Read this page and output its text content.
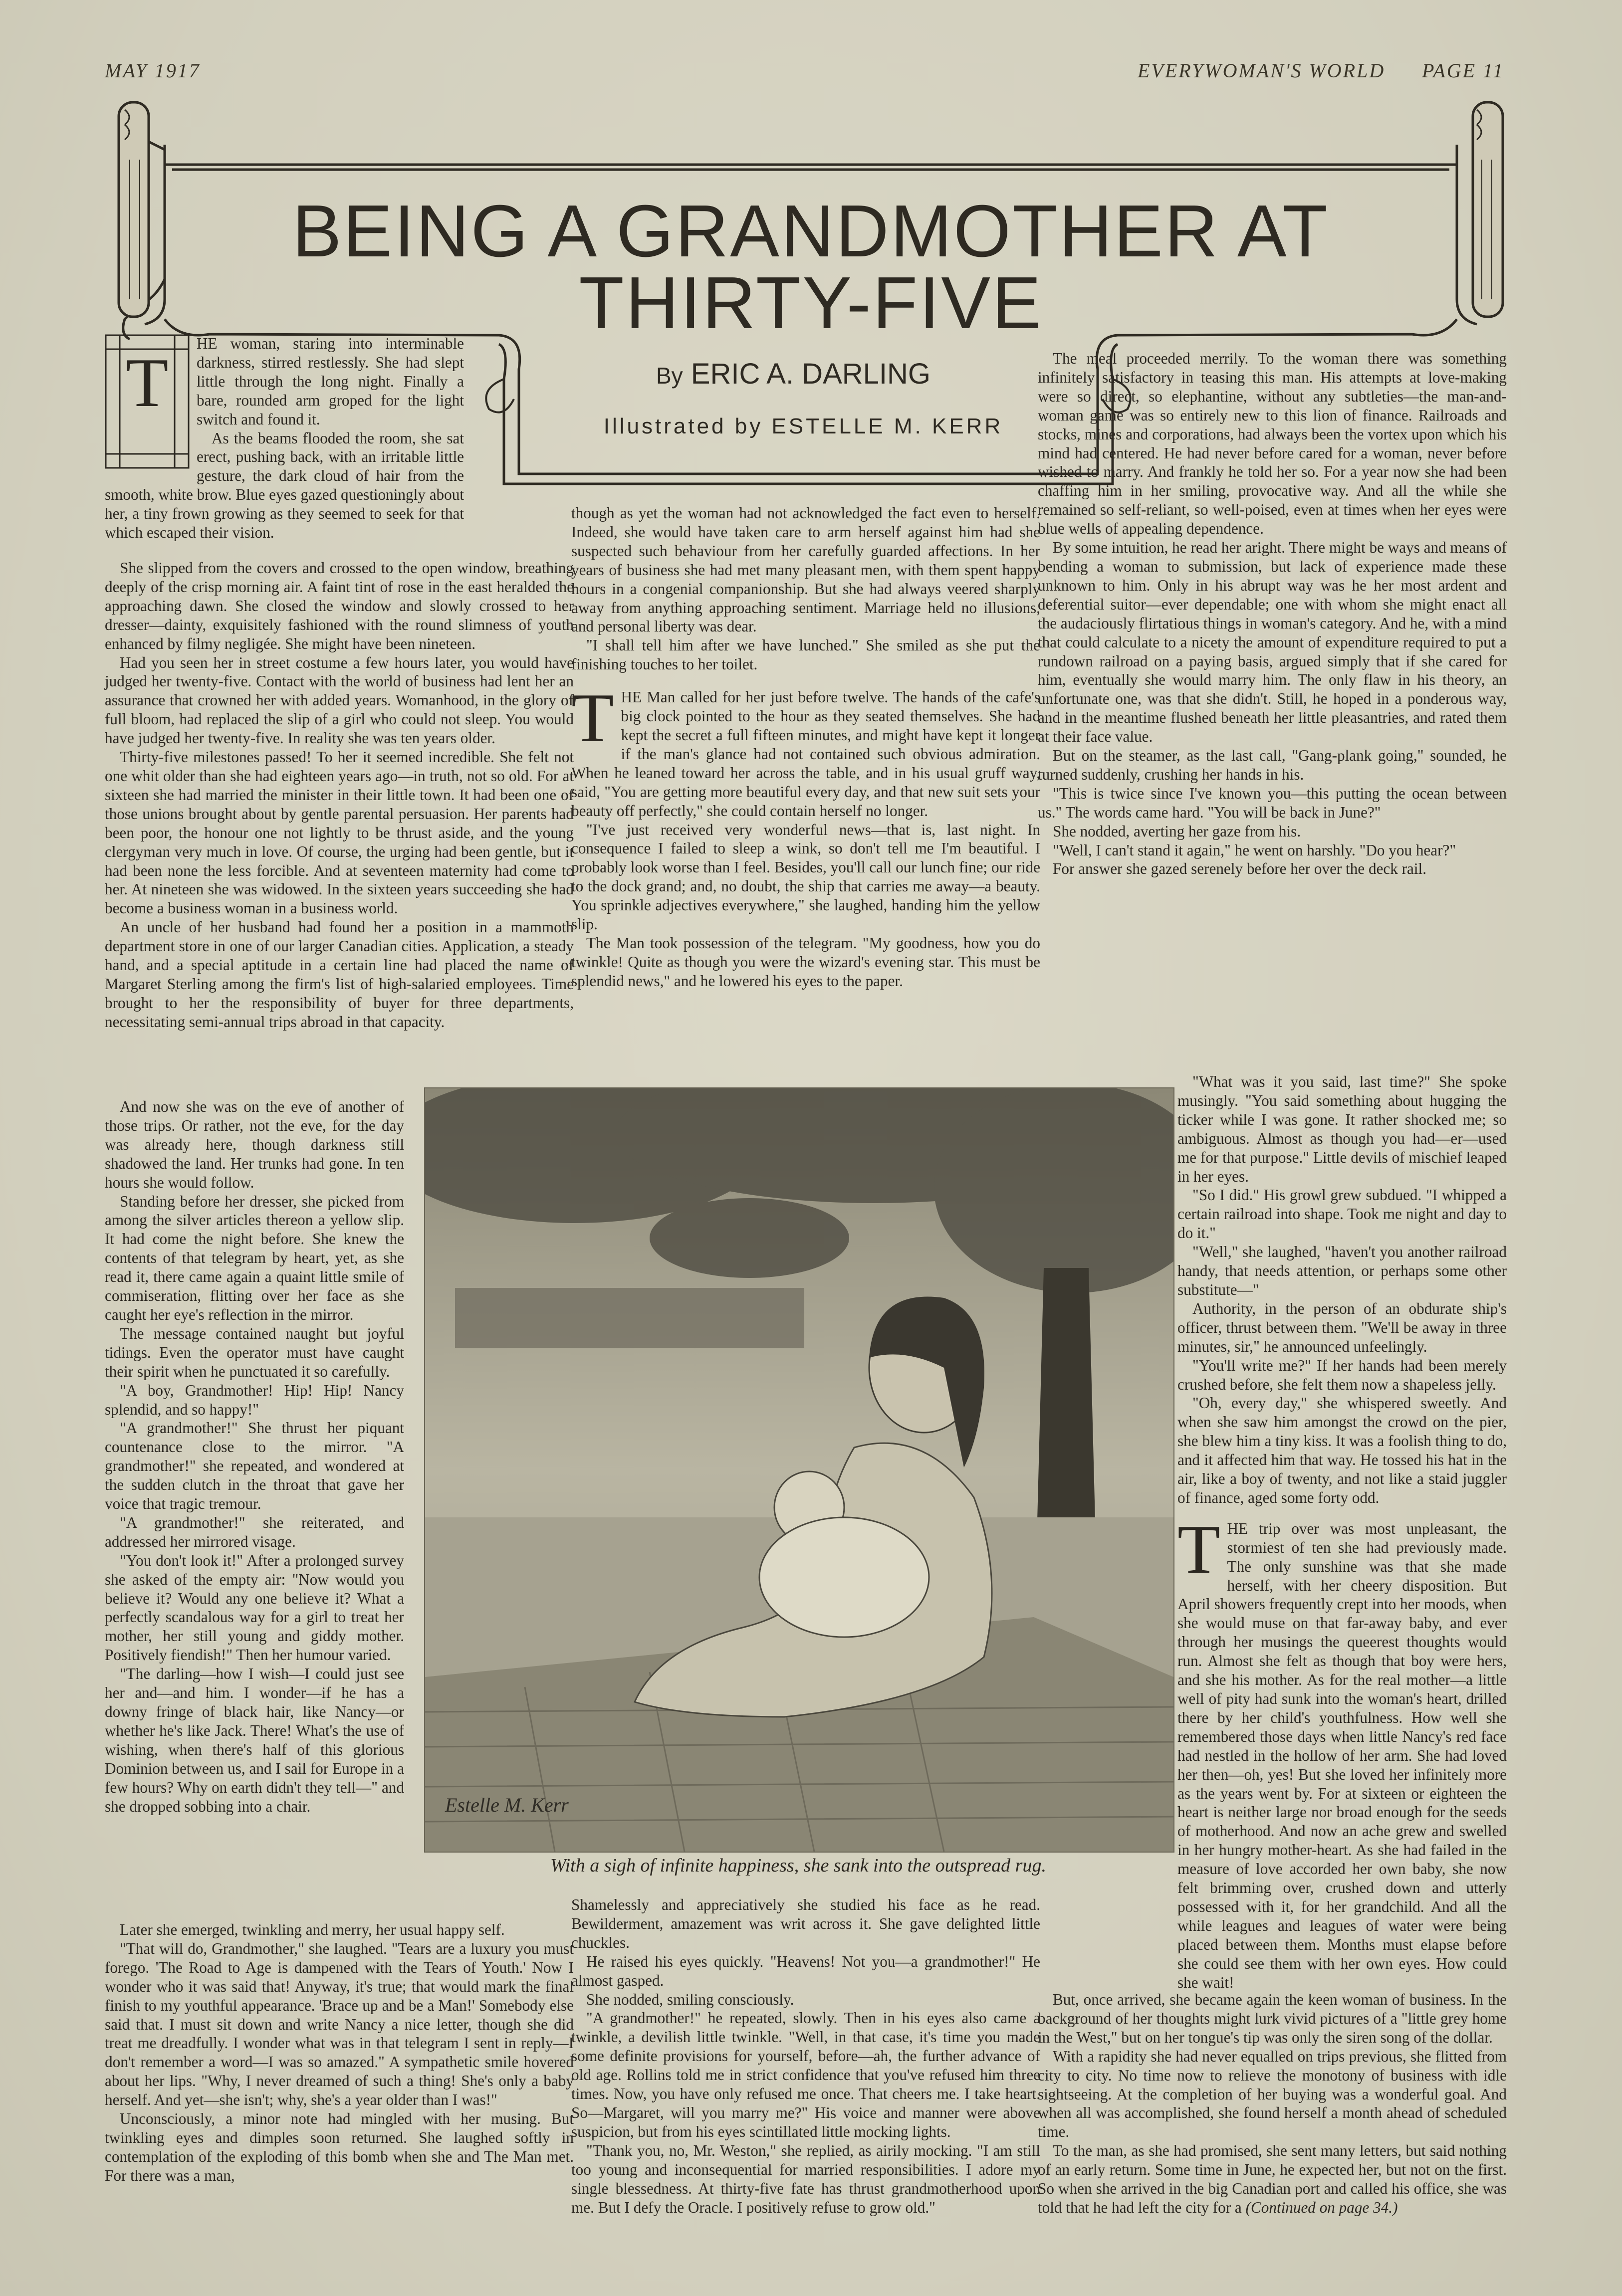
MAY 1917	EVERYWOMAN'S WORLD PAGE 11
BEING A GRANDMOTHER AT
THIRTY-FIVE
By ERIC A. DARLING
Illustrated by ESTELLE M. KERR
T

HE woman, staring into interminable darkness, stirred restlessly. She had slept little through the long night. Finally a bare, rounded arm groped for the light switch and found it.

As the beams flooded the room, she sat erect, pushing back, with an irritable little gesture, the dark cloud of hair from the smooth, white brow. Blue eyes gazed questioningly about her, a tiny frown growing as they seemed to seek for that which escaped their vision.

She slipped from the covers and crossed to the open window, breathing deeply of the crisp morning air. A faint tint of rose in the east heralded the approaching dawn. She closed the window and slowly crossed to her dresser—dainty, exquisitely fashioned with the round slimness of youth enhanced by filmy negligée. She might have been nineteen.

Had you seen her in street costume a few hours later, you would have judged her twenty-five. Contact with the world of business had lent her an assurance that crowned her with added years. Womanhood, in the glory of full bloom, had replaced the slip of a girl who could not sleep. You would have judged her twenty-five. In reality she was ten years older.

Thirty-five milestones passed! To her it seemed incredible. She felt not one whit older than she had eighteen years ago—in truth, not so old. For at sixteen she had married the minister in their little town. It had been one of those unions brought about by gentle parental persuasion. Her parents had been poor, the honour one not lightly to be thrust aside, and the young clergyman very much in love. Of course, the urging had been gentle, but it had been none the less forcible. And at seventeen maternity had come to her. At nineteen she was widowed. In the sixteen years succeeding she had become a business woman in a business world.

An uncle of her husband had found her a position in a mammoth department store in one of our larger Canadian cities. Application, a steady hand, and a special aptitude in a certain line had placed the name of Margaret Sterling among the firm's list of high-salaried employees. Time brought to her the responsibility of buyer for three departments, necessitating semi-annual trips abroad in that capacity.

And now she was on the eve of another of those trips. Or rather, not the eve, for the day was already here, though darkness still shadowed the land. Her trunks had gone. In ten hours she would follow.

Standing before her dresser, she picked from among the silver articles thereon a yellow slip. It had come the night before. She knew the contents of that telegram by heart, yet, as she read it, there came again a quaint little smile of commiseration, flitting over her face as she caught her eye's reflection in the mirror.

The message contained naught but joyful tidings. Even the operator must have caught their spirit when he punctuated it so carefully.

"A boy, Grandmother! Hip! Hip! Nancy splendid, and so happy!"

"A grandmother!" She thrust her piquant countenance close to the mirror. "A grandmother!" she repeated, and wondered at the sudden clutch in the throat that gave her voice that tragic tremour.

"A grandmother!" she reiterated, and addressed her mirrored visage.

"You don't look it!" After a prolonged survey she asked of the empty air: "Now would you believe it? Would any one believe it? What a perfectly scandalous way for a girl to treat her mother, her still young and giddy mother. Positively fiendish!" Then her humour varied.

"The darling—how I wish—I could just see her and—and him. I wonder—if he has a downy fringe of black hair, like Nancy—or whether he's like Jack. There! What's the use of wishing, when there's half of this glorious Dominion between us, and I sail for Europe in a few hours? Why on earth didn't they tell—" and she dropped sobbing into a chair.

Later she emerged, twinkling and merry, her usual happy self.

"That will do, Grandmother," she laughed. "Tears are a luxury you must forego. 'The Road to Age is dampened with the Tears of Youth.' Now I wonder who it was said that! Anyway, it's true; that would mark the final finish to my youthful appearance. 'Brace up and be a Man!' Somebody else said that. I must sit down and write Nancy a nice letter, though she did treat me dreadfully. I wonder what was in that telegram I sent in reply—I don't remember a word—I was so amazed." A sympathetic smile hovered about her lips. "Why, I never dreamed of such a thing! She's only a baby herself. And yet—she isn't; why, she's a year older than I was!"

Unconsciously, a minor note had mingled with her musing. But twinkling eyes and dimples soon returned. She laughed softly in contemplation of the exploding of this bomb when she and The Man met. For there was a man,

though as yet the woman had not acknowledged the fact even to herself. Indeed, she would have taken care to arm herself against him had she suspected such behaviour from her carefully guarded affections. In her years of business she had met many pleasant men, with them spent happy hours in a congenial companionship. But she had always veered sharply away from anything approaching sentiment. Marriage held no illusions, and personal liberty was dear.

"I shall tell him after we have lunched." She smiled as she put the finishing touches to her toilet.

THE Man called for her just before twelve. The hands of the cafe's big clock pointed to the hour as they seated themselves. She had kept the secret a full fifteen minutes, and might have kept it longer if the man's glance had not contained such obvious admiration. When he leaned toward her across the table, and in his usual gruff way, said, "You are getting more beautiful every day, and that new suit sets your beauty off perfectly," she could contain herself no longer.

"I've just received very wonderful news—that is, last night. In consequence I failed to sleep a wink, so don't tell me I'm beautiful. I probably look worse than I feel. Besides, you'll call our lunch fine; our ride to the dock grand; and, no doubt, the ship that carries me away—a beauty. You sprinkle adjectives everywhere," she laughed, handing him the yellow slip.

The Man took possession of the telegram. "My goodness, how you do twinkle! Quite as though you were the wizard's evening star. This must be splendid news," and he lowered his eyes to the paper.

Shamelessly and appreciatively she studied his face as he read. Bewilderment, amazement was writ across it. She gave delighted little chuckles.

He raised his eyes quickly. "Heavens! Not you—a grandmother!" He almost gasped.

She nodded, smiling consciously.

"A grandmother!" he repeated, slowly. Then in his eyes also came a twinkle, a devilish little twinkle. "Well, in that case, it's time you made some definite provisions for yourself, before—ah, the further advance of old age. Rollins told me in strict confidence that you've refused him three times. Now, you have only refused me once. That cheers me. I take heart. So—Margaret, will you marry me?" His voice and manner were above suspicion, but from his eyes scintillated little mocking lights.

"Thank you, no, Mr. Weston," she replied, as airily mocking. "I am still too young and inconsequential for married responsibilities. I adore my single blessedness. At thirty-five fate has thrust grandmotherhood upon me. But I defy the Oracle. I positively refuse to grow old."

The meal proceeded merrily. To the woman there was something infinitely satisfactory in teasing this man. His attempts at love-making were so direct, so elephantine, without any subtleties—the man-and-woman game was so entirely new to this lion of finance. Railroads and stocks, mines and corporations, had always been the vortex upon which his mind had centered. He had never before cared for a woman, never before wished to marry. And frankly he told her so. For a year now she had been chaffing him in her smiling, provocative way. And all the while she remained so self-reliant, so well-poised, even at times when her eyes were blue wells of appealing dependence.

By some intuition, he read her aright. There might be ways and means of bending a woman to submission, but lack of experience made these unknown to him. Only in his abrupt way was he her most ardent and deferential suitor—ever dependable; one with whom she might enact all the audaciously flirtatious things in woman's category. And he, with a mind that could calculate to a nicety the amount of expenditure required to put a rundown railroad on a paying basis, argued simply that if she cared for him, eventually she would marry him. The only flaw in his theory, an unfortunate one, was that she didn't. Still, he hoped in a ponderous way, and in the meantime flushed beneath her little pleasantries, and rated them at their face value.

But on the steamer, as the last call, "Gang-plank going," sounded, he turned suddenly, crushing her hands in his.

"This is twice since I've known you—this putting the ocean between us." The words came hard. "You will be back in June?"

She nodded, averting her gaze from his.

"Well, I can't stand it again," he went on harshly. "Do you hear?"

For answer she gazed serenely before her over the deck rail.

"What was it you said, last time?" She spoke musingly. "You said something about hugging the ticker while I was gone. It rather shocked me; so ambiguous. Almost as though you had—er—used me for that purpose." Little devils of mischief leaped in her eyes.

"So I did." His growl grew subdued. "I whipped a certain railroad into shape. Took me night and day to do it."

"Well," she laughed, "haven't you another railroad handy, that needs attention, or perhaps some other substitute—"

Authority, in the person of an obdurate ship's officer, thrust between them. "We'll be away in three minutes, sir," he announced unfeelingly.

"You'll write me?" If her hands had been merely crushed before, she felt them now a shapeless jelly.

"Oh, every day," she whispered sweetly. And when she saw him amongst the crowd on the pier, she blew him a tiny kiss. It was a foolish thing to do, and it affected him that way. He tossed his hat in the air, like a boy of twenty, and not like a staid juggler of finance, aged some forty odd.

THE trip over was most unpleasant, the stormiest of ten she had previously made. The only sunshine was that she made herself, with her cheery disposition. But April showers frequently crept into her moods, when she would muse on that far-away baby, and ever through her musings the queerest thoughts would run. Almost she felt as though that boy were hers, and she his mother. As for the real mother—a little well of pity had sunk into the woman's heart, drilled there by her child's youthfulness. How well she remembered those days when little Nancy's red face had nestled in the hollow of her arm. She had loved her then—oh, yes! But she loved her infinitely more as the years went by. For at sixteen or eighteen the heart is neither large nor broad enough for the seeds of motherhood. And now an ache grew and swelled in her hungry mother-heart. As she had failed in the measure of love accorded her own baby, she now felt brimming over, crushed down and utterly possessed with it, for her grandchild. And all the while leagues and leagues of water were being placed between them. Months must elapse before she could see them with her own eyes. How could she wait!

But, once arrived, she became again the keen woman of business. In the background of her thoughts might lurk vivid pictures of a "little grey home in the West," but on her tongue's tip was only the siren song of the dollar.

With a rapidity she had never equalled on trips previous, she flitted from city to city. No time now to relieve the monotony of business with idle sightseeing. At the completion of her buying was a wonderful goal. And when all was accomplished, she found herself a month ahead of scheduled time.

To the man, as she had promised, she sent many letters, but said nothing of an early return. Some time in June, he expected her, but not on the first. So when she arrived in the big Canadian port and called his office, she was told that he had left the city for a (Continued on page 34.)

Estelle M. Kerr
With a sigh of infinite happiness, she sank into the outspread rug.
